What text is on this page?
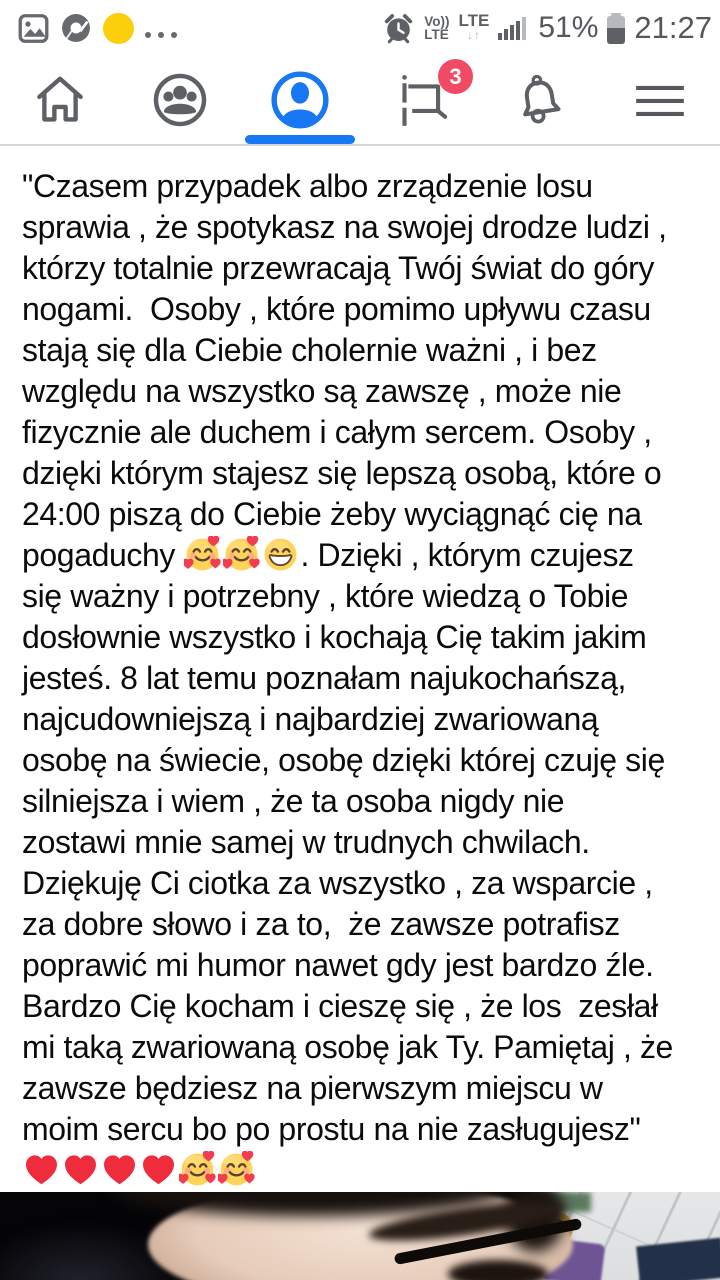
Vo))
LTE
LTE
↓↑ 51% 21:27
3
"Czasem przypadek albo zrządzenie losu
sprawia , że spotykasz na swojej drodze ludzi ,
którzy totalnie przewracają Twój świat do góry
nogami.  Osoby , które pomimo upływu czasu
stają się dla Ciebie cholernie ważni , i bez
względu na wszystko są zawszę , może nie
fizycznie ale duchem i całym sercem. Osoby ,
dzięki którym stajesz się lepszą osobą, które o
24:00 piszą do Ciebie żeby wyciągnąć cię na
pogaduchy	. Dzięki , którym czujesz
się ważny i potrzebny , które wiedzą o Tobie
dosłownie wszystko i kochają Cię takim jakim
jesteś. 8 lat temu poznałam najukochańszą,
najcudowniejszą i najbardziej zwariowaną
osobę na świecie, osobę dzięki której czuję się
silniejsza i wiem , że ta osoba nigdy nie
zostawi mnie samej w trudnych chwilach.
Dziękuję Ci ciotka za wszystko , za wsparcie ,
za dobre słowo i za to,  że zawsze potrafisz
poprawić mi humor nawet gdy jest bardzo źle.
Bardzo Cię kocham i cieszę się , że los  zesłał
mi taką zwariowaną osobę jak Ty. Pamiętaj , że
zawsze będziesz na pierwszym miejscu w
moim sercu bo po prostu na nie zasługujesz"
